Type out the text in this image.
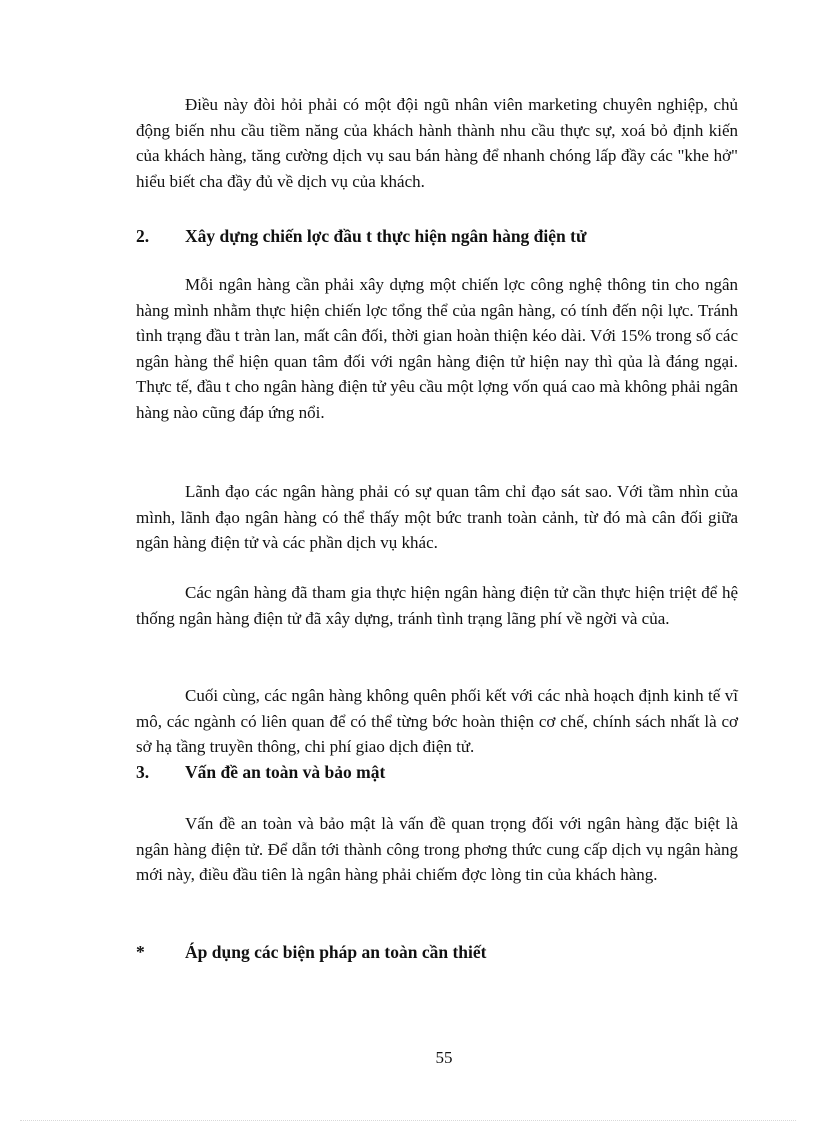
Điều này đòi hỏi phải có một đội ngũ nhân viên marketing chuyên nghiệp, chủ động biến nhu cầu tiềm năng của khách hành thành nhu cầu thực sự, xoá bỏ định kiến của khách hàng, tăng cường dịch vụ sau bán hàng để nhanh chóng lấp đầy các "khe hở" hiểu biết cha đầy đủ về dịch vụ của khách.

2. Xây dựng chiến lợc đầu t thực hiện ngân hàng điện tử

Mỗi ngân hàng cần phải xây dựng một chiến lợc công nghệ thông tin cho ngân hàng mình nhằm thực hiện chiến lợc tổng thể của ngân hàng, có tính đến nội lực. Tránh tình trạng đầu t tràn lan, mất cân đối, thời gian hoàn thiện kéo dài. Với 15% trong số các ngân hàng thể hiện quan tâm đối với ngân hàng điện tử hiện nay thì qủa là đáng ngại. Thực tế, đầu t cho ngân hàng điện tử yêu cầu một lợng vốn quá cao mà không phải ngân hàng nào cũng đáp ứng nổi.

Lãnh đạo các ngân hàng phải có sự quan tâm chỉ đạo sát sao. Với tầm nhìn của mình, lãnh đạo ngân hàng có thể thấy một bức tranh toàn cảnh, từ đó mà cân đối giữa ngân hàng điện tử và các phần dịch vụ khác.

Các ngân hàng đã tham gia thực hiện ngân hàng điện tử cần thực hiện triệt để hệ thống ngân hàng điện tử đã xây dựng, tránh tình trạng lãng phí về ngời và của.

Cuối cùng, các ngân hàng không quên phối kết với các nhà hoạch định kinh tế vĩ mô, các ngành có liên quan để có thể từng bớc hoàn thiện cơ chế, chính sách nhất là cơ sở hạ tầng truyền thông, chi phí giao dịch điện tử.

3. Vấn đề an toàn và bảo mật

Vấn đề an toàn và bảo mật là vấn đề quan trọng đối với ngân hàng đặc biệt là ngân hàng điện tử. Để dẫn tới thành công trong phơng thức cung cấp dịch vụ ngân hàng mới này, điều đầu tiên là ngân hàng phải chiếm đợc lòng tin của khách hàng.

* Áp dụng các biện pháp an toàn cần thiết
55
